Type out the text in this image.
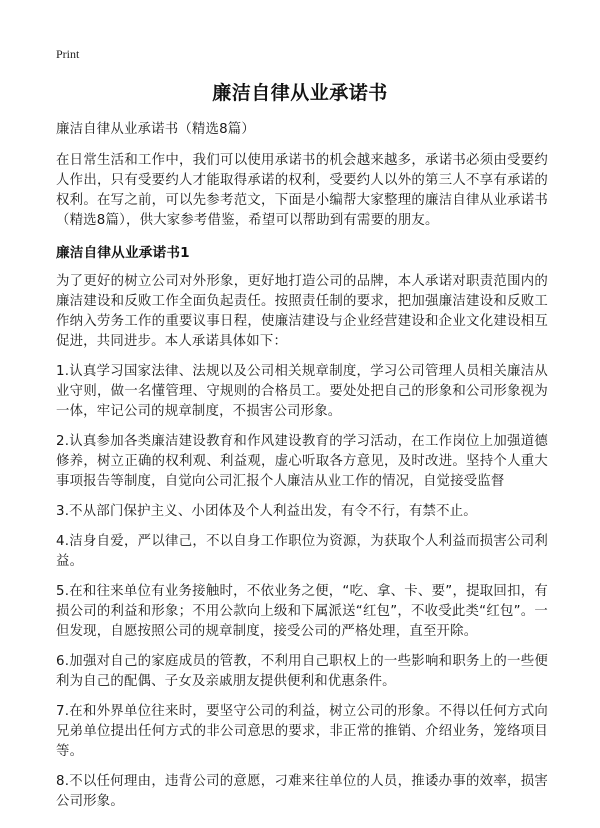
Print
廉洁自律从业承诺书

廉洁自律从业承诺书（精选8篇）

在日常生活和工作中，我们可以使用承诺书的机会越来越多，承诺书必须由受要约人作出，只有受要约人才能取得承诺的权利，受要约人以外的第三人不享有承诺的权利。在写之前，可以先参考范文，下面是小编帮大家整理的廉洁自律从业承诺书（精选8篇），供大家参考借鉴，希望可以帮助到有需要的朋友。

廉洁自律从业承诺书1

为了更好的树立公司对外形象，更好地打造公司的品牌，本人承诺对职责范围内的廉洁建设和反败工作全面负起责任。按照责任制的要求，把加强廉洁建设和反败工作纳入劳务工作的重要议事日程，使廉洁建设与企业经营建设和企业文化建设相互促进，共同进步。本人承诺具体如下：

1.认真学习国家法律、法规以及公司相关规章制度，学习公司管理人员相关廉洁从业守则，做一名懂管理、守规则的合格员工。要处处把自己的形象和公司形象视为一体，牢记公司的规章制度，不损害公司形象。

2.认真参加各类廉洁建设教育和作风建设教育的学习活动，在工作岗位上加强道德修养，树立正确的权利观、利益观，虚心听取各方意见，及时改进。坚持个人重大事项报告等制度，自觉向公司汇报个人廉洁从业工作的情况，自觉接受监督

3.不从部门保护主义、小团体及个人利益出发，有令不行，有禁不止。

4.洁身自爱，严以律己，不以自身工作职位为资源，为获取个人利益而损害公司利益。

5.在和往来单位有业务接触时，不依业务之便，“吃、拿、卡、要”，提取回扣，有损公司的利益和形象；不用公款向上级和下属派送“红包”，不收受此类“红包”。一但发现，自愿按照公司的规章制度，接受公司的严格处理，直至开除。

6.加强对自己的家庭成员的管教，不利用自己职权上的一些影响和职务上的一些便利为自己的配偶、子女及亲戚朋友提供便利和优惠条件。

7.在和外界单位往来时，要坚守公司的利益，树立公司的形象。不得以任何方式向兄弟单位提出任何方式的非公司意思的要求，非正常的推销、介绍业务，笼络项目等。

8.不以任何理由，违背公司的意愿，刁难来往单位的人员，推诿办事的效率，损害公司形象。
